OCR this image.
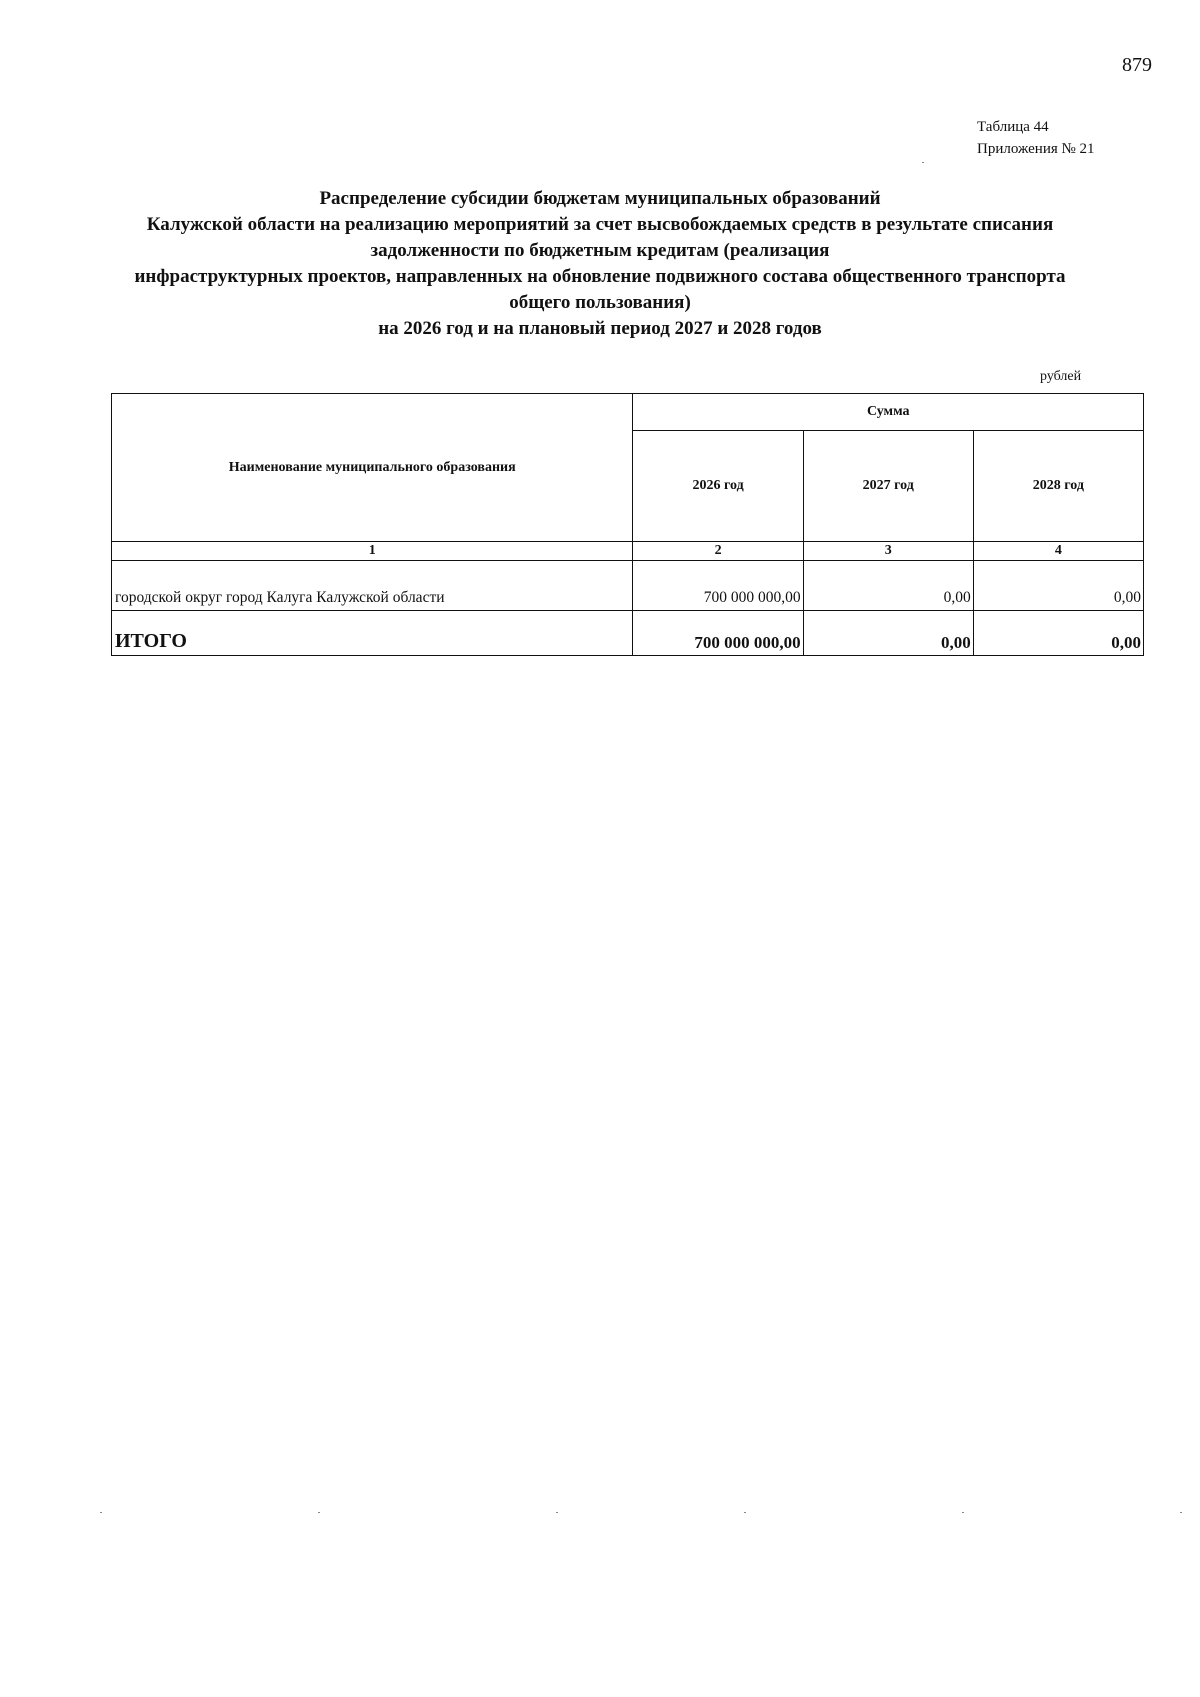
879
Таблица 44
Приложения № 21
Распределение субсидии бюджетам муниципальных образований
Калужской области на реализацию мероприятий за счет высвобождаемых средств в результате списания
задолженности по бюджетным кредитам (реализация
инфраструктурных проектов, направленных на обновление подвижного состава общественного транспорта
общего пользования)
на 2026 год и на плановый период 2027 и 2028 годов
рублей
Наименование муниципального образования	Сумма		
	2026 год	2027 год	2028 год
1	2	3	4
городской округ город Калуга Калужской области	700 000 000,00	0,00	0,00
ИТОГО	700 000 000,00	0,00	0,00
